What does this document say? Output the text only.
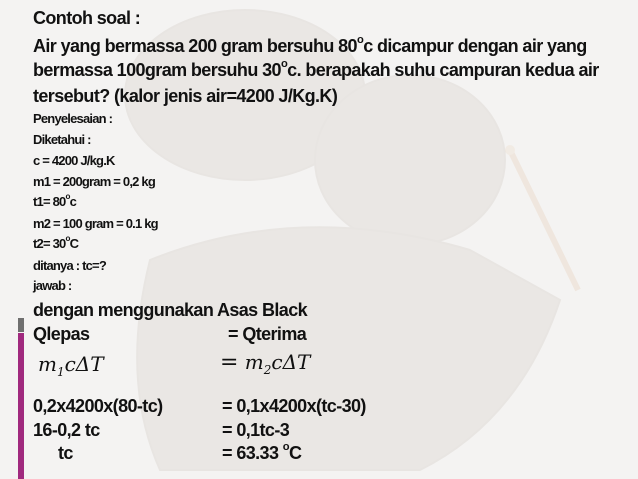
Contoh soal :
Air yang bermassa 200 gram bersuhu 80$^o$c dicampur dengan air yang
bermassa 100gram bersuhu 30$^o$c. berapakah suhu campuran kedua air
tersebut? (kalor jenis air=4200 J/Kg.K)
Penyelesaian :
Diketahui :
c = 4200 J/kg.K
m1 = 200gram = 0,2 kg
$t1= 80^oc$
m2 = 100 gram = 0.1 kg
$t2= 30^oC$
ditanya : tc=?
jawab :
dengan menggunakan Asas Black
Qlepas	= Qterima
$m_1c\Delta T$	= $m_2c\Delta T$
0,2x4200x(80-tc)	= 0,1x4200x(tc-30)
16-0,2 tc	= 0,1tc-3
tc	= 63.33 $^o$C
